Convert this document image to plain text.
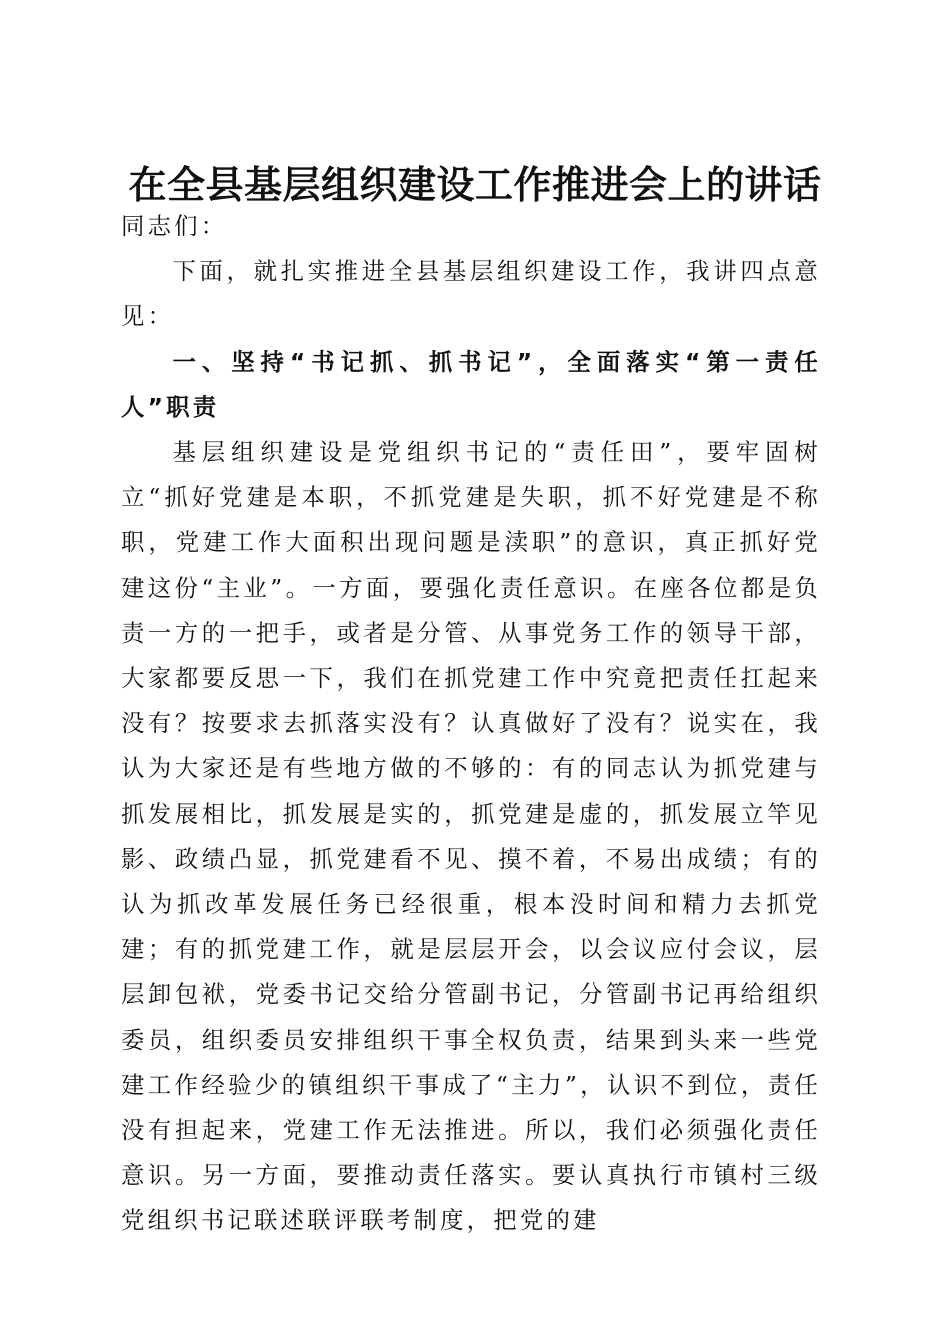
在全县基层组织建设工作推进会上的讲话

同志们：

下面，就扎实推进全县基层组织建设工作，我讲四点意见：

一、坚持“书记抓、抓书记”，全面落实“第一责任人”职责

基层组织建设是党组织书记的“责任田”，要牢固树立“抓好党建是本职，不抓党建是失职，抓不好党建是不称职，党建工作大面积出现问题是渎职”的意识，真正抓好党建这份“主业”。一方面，要强化责任意识。在座各位都是负责一方的一把手，或者是分管、从事党务工作的领导干部，大家都要反思一下，我们在抓党建工作中究竟把责任扛起来没有？按要求去抓落实没有？认真做好了没有？说实在，我认为大家还是有些地方做的不够的：有的同志认为抓党建与抓发展相比，抓发展是实的，抓党建是虚的，抓发展立竿见影、政绩凸显，抓党建看不见、摸不着，不易出成绩；有的认为抓改革发展任务已经很重，根本没时间和精力去抓党建；有的抓党建工作，就是层层开会，以会议应付会议，层层卸包袱，党委书记交给分管副书记，分管副书记再给组织委员，组织委员安排组织干事全权负责，结果到头来一些党建工作经验少的镇组织干事成了“主力”，认识不到位，责任没有担起来，党建工作无法推进。所以，我们必须强化责任意识。另一方面，要推动责任落实。要认真执行市镇村三级党组织书记联述联评联考制度，把党的建
